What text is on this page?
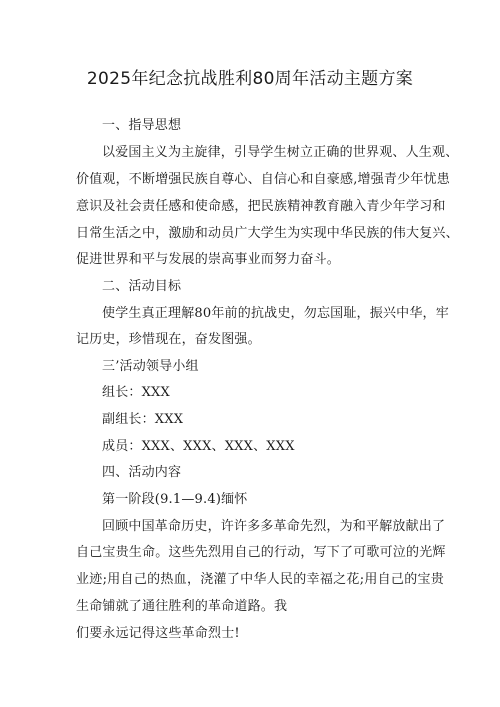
2025年纪念抗战胜利80周年活动主题方案
一、指导思想
以爱国主义为主旋律，引导学生树立正确的世界观、人生观、
价值观，不断增强民族自尊心、自信心和自豪感,增强青少年忧患
意识及社会责任感和使命感，把民族精神教育融入青少年学习和
日常生活之中，激励和动员广大学生为实现中华民族的伟大复兴、
促进世界和平与发展的崇高事业而努力奋斗。
二、活动目标
使学生真正理解80年前的抗战史，勿忘国耻，振兴中华，牢
记历史，珍惜现在，奋发图强。
三’活动领导小组
组长：XXX
副组长：XXX
成员：XXX、XXX、XXX、XXX
四、活动内容
第一阶段(9.1—9.4)缅怀
回顾中国革命历史，许许多多革命先烈，为和平解放献出了
自己宝贵生命。这些先烈用自己的行动，写下了可歌可泣的光辉
业迹;用自己的热血，浇灌了中华人民的幸福之花;用自己的宝贵
生命铺就了通往胜利的革命道路。我
们要永远记得这些革命烈士!
